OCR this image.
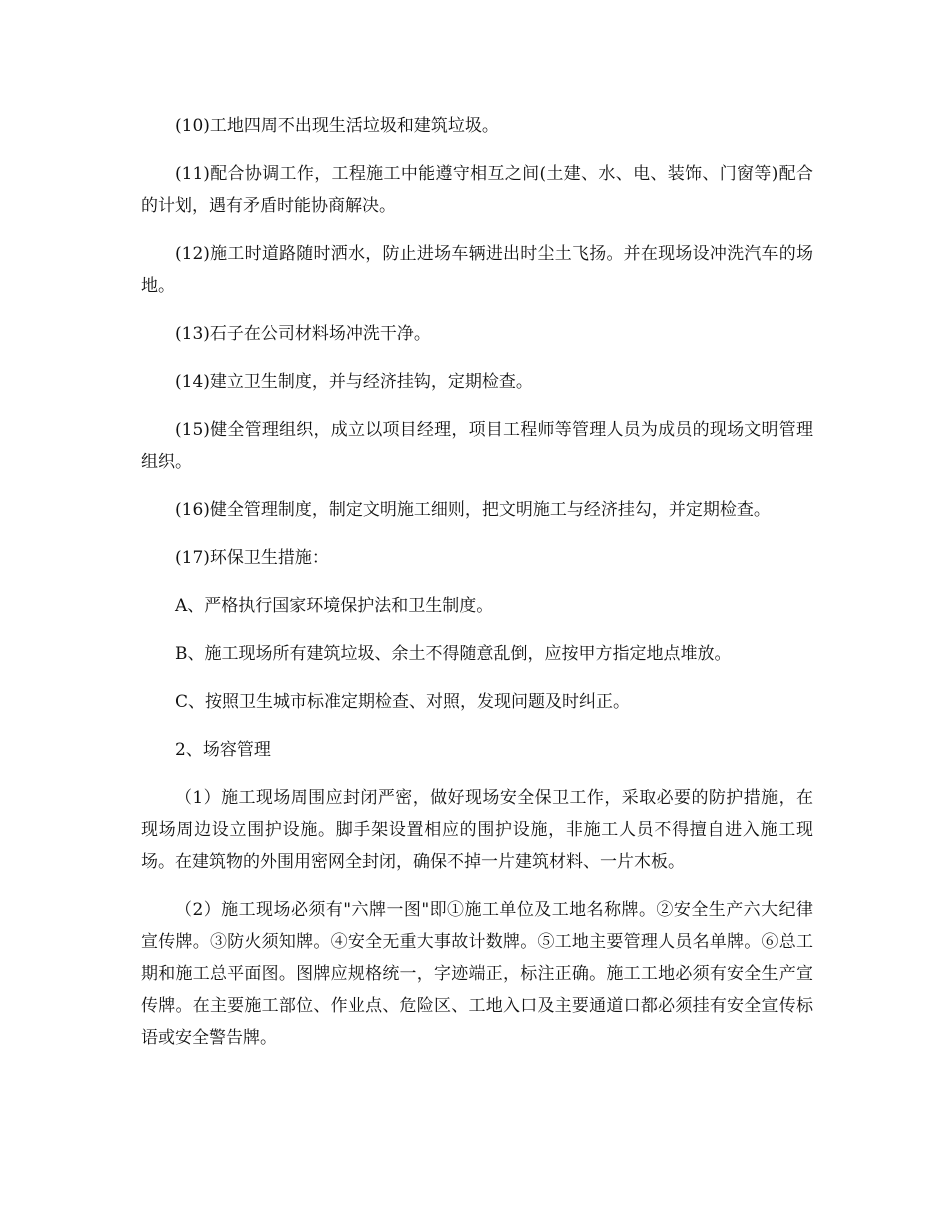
(10)工地四周不出现生活垃圾和建筑垃圾。

(11)配合协调工作，工程施工中能遵守相互之间(土建、水、电、装饰、门窗等)配合的计划，遇有矛盾时能协商解决。

(12)施工时道路随时洒水，防止进场车辆进出时尘土飞扬。并在现场设冲洗汽车的场地。

(13)石子在公司材料场冲洗干净。

(14)建立卫生制度，并与经济挂钩，定期检查。

(15)健全管理组织，成立以项目经理，项目工程师等管理人员为成员的现场文明管理组织。

(16)健全管理制度，制定文明施工细则，把文明施工与经济挂勾，并定期检查。

(17)环保卫生措施：

A、严格执行国家环境保护法和卫生制度。

B、施工现场所有建筑垃圾、余土不得随意乱倒，应按甲方指定地点堆放。

C、按照卫生城市标准定期检查、对照，发现问题及时纠正。

2、场容管理

（1）施工现场周围应封闭严密，做好现场安全保卫工作，采取必要的防护措施，在现场周边设立围护设施。脚手架设置相应的围护设施，非施工人员不得擅自进入施工现场。在建筑物的外围用密网全封闭，确保不掉一片建筑材料、一片木板。

（2）施工现场必须有"六牌一图"即①施工单位及工地名称牌。②安全生产六大纪律宣传牌。③防火须知牌。④安全无重大事故计数牌。⑤工地主要管理人员名单牌。⑥总工期和施工总平面图。图牌应规格统一，字迹端正，标注正确。施工工地必须有安全生产宣传牌。在主要施工部位、作业点、危险区、工地入口及主要通道口都必须挂有安全宣传标语或安全警告牌。
